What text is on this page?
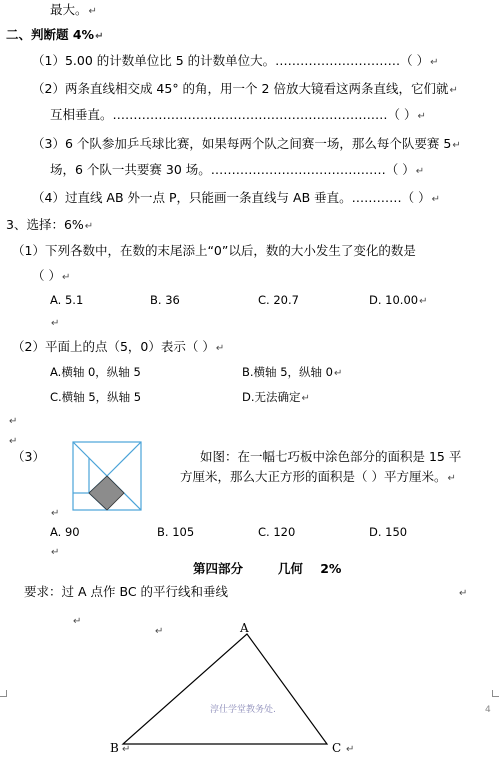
最大。↵
二、判断题 4%↵
（1）5.00 的计数单位比 5 的计数单位大。…………………………（ ）↵
（2）两条直线相交成 45° 的角，用一个 2 倍放大镜看这两条直线，它们就↵
互相垂直。…………………………………………………………（ ）↵
（3）6 个队参加乒乓球比赛，如果每两个队之间赛一场，那么每个队要赛 5↵
场，6 个队一共要赛 30 场。……………………………………（ ）↵
（4）过直线 AB 外一点 P，只能画一条直线与 AB 垂直。…………（ ）↵
3、选择：6%↵
（1）下列各数中，在数的末尾添上“0”以后，数的大小发生了变化的数是
（ ）↵
A. 5.1	B. 36	C. 20.7	D. 10.00↵
↵
（2）平面上的点（5，0）表示（ ）↵
A.横轴 0，纵轴 5	B.横轴 5，纵轴 0↵
C.横轴 5，纵轴 5	D.无法确定↵
↵
↵
（3）	如图：在一幅七巧板中涂色部分的面积是 15 平
方厘米，那么大正方形的面积是（ ）平方厘米。↵
↵
A. 90	B. 105	C. 120	D. 150
↵
第四部分        几何    2%
要求：过 A 点作 BC 的平行线和垂线	↵
↵	A
B	C
↵
↵	↵
淳仕学堂教务处.	4
